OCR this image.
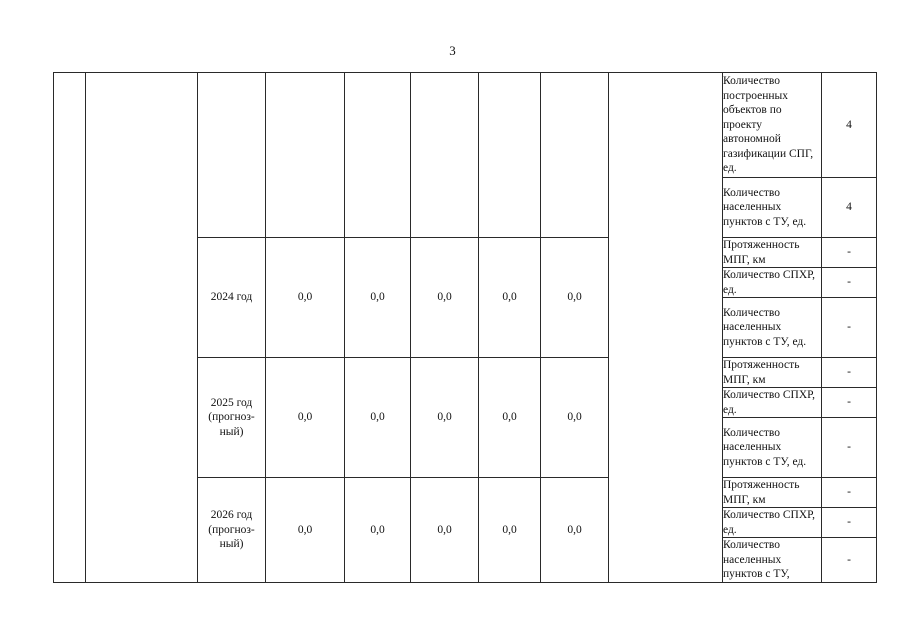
3
									Количество построенных объектов по проекту автономной газификации СПГ, ед.	4
									Количество населенных пунктов с ТУ, ед.	4
		2024 год	0,0	0,0	0,0	0,0	0,0		Протяженность МПГ, км	-
									Количество СПХР, ед.	-
									Количество населенных пунктов с ТУ, ед.	-
		2025 год (прогноз-ный)	0,0	0,0	0,0	0,0	0,0		Протяженность МПГ, км	-
									Количество СПХР, ед.	-
									Количество населенных пунктов с ТУ, ед.	-
		2026 год (прогноз-ный)	0,0	0,0	0,0	0,0	0,0		Протяженность МПГ, км	-
									Количество СПХР, ед.	-
									Количество населенных пунктов с ТУ,	-
